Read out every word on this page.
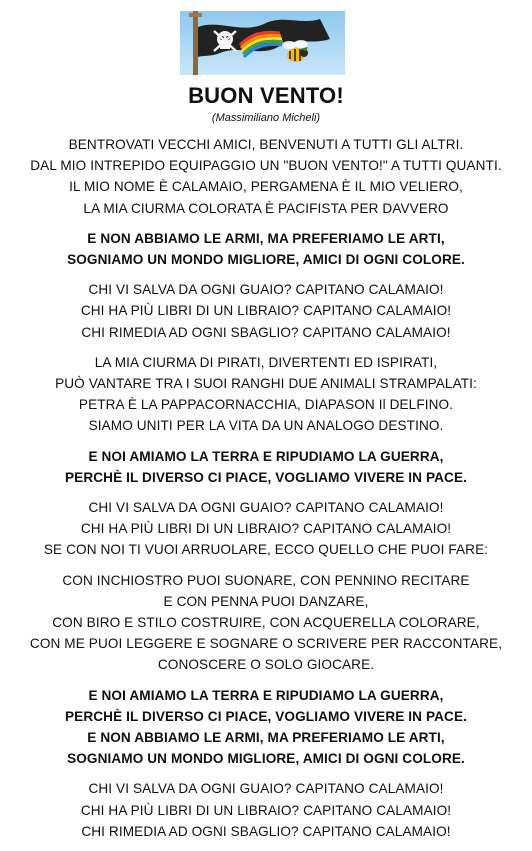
BUON VENTO!
(Massimiliano Micheli)
BENTROVATI VECCHI AMICI, BENVENUTI A TUTTI GLI ALTRI.
DAL MIO INTREPIDO EQUIPAGGIO UN "BUON VENTO!" A TUTTI QUANTI.
IL MIO NOME È CALAMAIO, PERGAMENA È IL MIO VELIERO,
LA MIA CIURMA COLORATA È PACIFISTA PER DAVVERO
E NON ABBIAMO LE ARMI, MA PREFERIAMO LE ARTI,
SOGNIAMO UN MONDO MIGLIORE, AMICI DI OGNI COLORE.
CHI VI SALVA DA OGNI GUAIO? CAPITANO CALAMAIO!
CHI HA PIÙ LIBRI DI UN LIBRAIO? CAPITANO CALAMAIO!
CHI RIMEDIA AD OGNI SBAGLIO? CAPITANO CALAMAIO!
LA MIA CIURMA DI PIRATI, DIVERTENTI ED ISPIRATI,
PUÒ VANTARE TRA I SUOI RANGHI DUE ANIMALI STRAMPALATI:
PETRA È LA PAPPACORNACCHIA, DIAPASON Il DELFINO.
SIAMO UNITI PER LA VITA DA UN ANALOGO DESTINO.
E NOI AMIAMO LA TERRA E RIPUDIAMO LA GUERRA,
PERCHÈ IL DIVERSO CI PIACE, VOGLIAMO VIVERE IN PACE.
CHI VI SALVA DA OGNI GUAIO? CAPITANO CALAMAIO!
CHI HA PIÙ LIBRI DI UN LIBRAIO? CAPITANO CALAMAIO!
SE CON NOI TI VUOI ARRUOLARE, ECCO QUELLO CHE PUOI FARE:
CON INCHIOSTRO PUOI SUONARE, CON PENNINO RECITARE
E CON PENNA PUOI DANZARE,
CON BIRO E STILO COSTRUIRE, CON ACQUERELLA COLORARE,
CON ME PUOI LEGGERE E SOGNARE O SCRIVERE PER RACCONTARE,
CONOSCERE O SOLO GIOCARE.
E NOI AMIAMO LA TERRA E RIPUDIAMO LA GUERRA,
PERCHÈ IL DIVERSO CI PIACE, VOGLIAMO VIVERE IN PACE.
E NON ABBIAMO LE ARMI, MA PREFERIAMO LE ARTI,
SOGNIAMO UN MONDO MIGLIORE, AMICI DI OGNI COLORE.
CHI VI SALVA DA OGNI GUAIO? CAPITANO CALAMAIO!
CHI HA PIÙ LIBRI DI UN LIBRAIO? CAPITANO CALAMAIO!
CHI RIMEDIA AD OGNI SBAGLIO? CAPITANO CALAMAIO!
